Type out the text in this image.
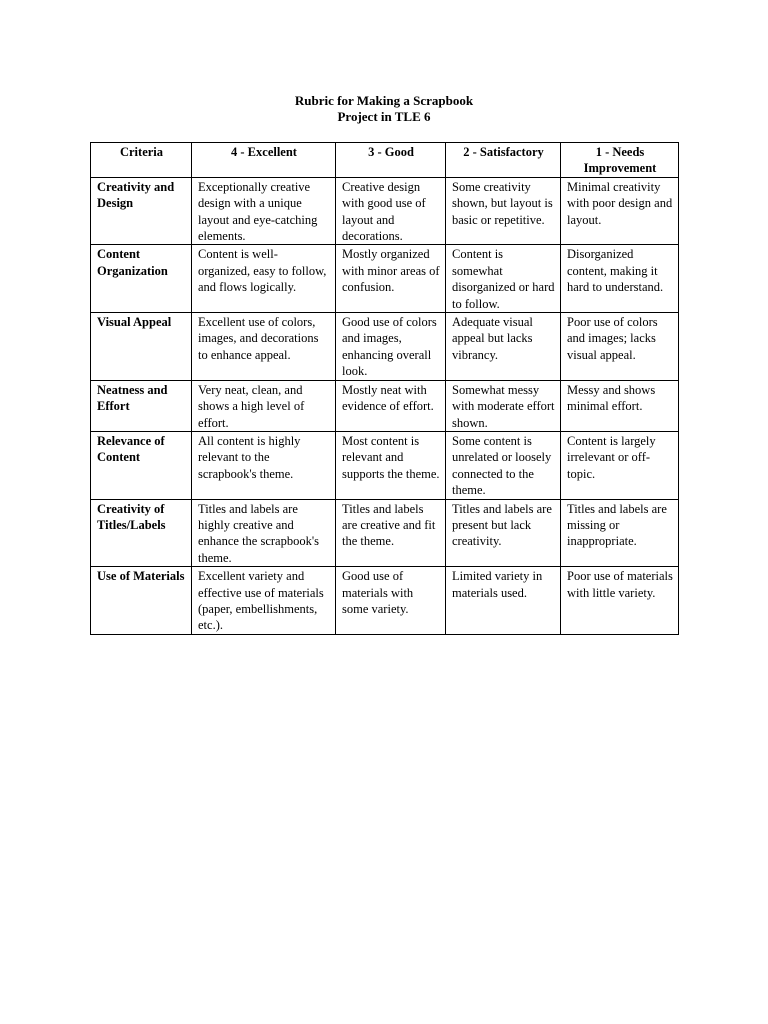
Rubric for Making a Scrapbook
Project in TLE 6
Criteria	4 - Excellent	3 - Good	2 - Satisfactory	1 - Needs Improvement
Creativity and Design	Exceptionally creative design with a unique layout and eye-catching elements.	Creative design with good use of layout and decorations.	Some creativity shown, but layout is basic or repetitive.	Minimal creativity with poor design and layout.
Content Organization	Content is well-organized, easy to follow, and flows logically.	Mostly organized with minor areas of confusion.	Content is somewhat disorganized or hard to follow.	Disorganized content, making it hard to understand.
Visual Appeal	Excellent use of colors, images, and decorations to enhance appeal.	Good use of colors and images, enhancing overall look.	Adequate visual appeal but lacks vibrancy.	Poor use of colors and images; lacks visual appeal.
Neatness and Effort	Very neat, clean, and shows a high level of effort.	Mostly neat with evidence of effort.	Somewhat messy with moderate effort shown.	Messy and shows minimal effort.
Relevance of Content	All content is highly relevant to the scrapbook's theme.	Most content is relevant and supports the theme.	Some content is unrelated or loosely connected to the theme.	Content is largely irrelevant or off-topic.
Creativity of Titles/Labels	Titles and labels are highly creative and enhance the scrapbook's theme.	Titles and labels are creative and fit the theme.	Titles and labels are present but lack creativity.	Titles and labels are missing or inappropriate.
Use of Materials	Excellent variety and effective use of materials (paper, embellishments, etc.).	Good use of materials with some variety.	Limited variety in materials used.	Poor use of materials with little variety.
